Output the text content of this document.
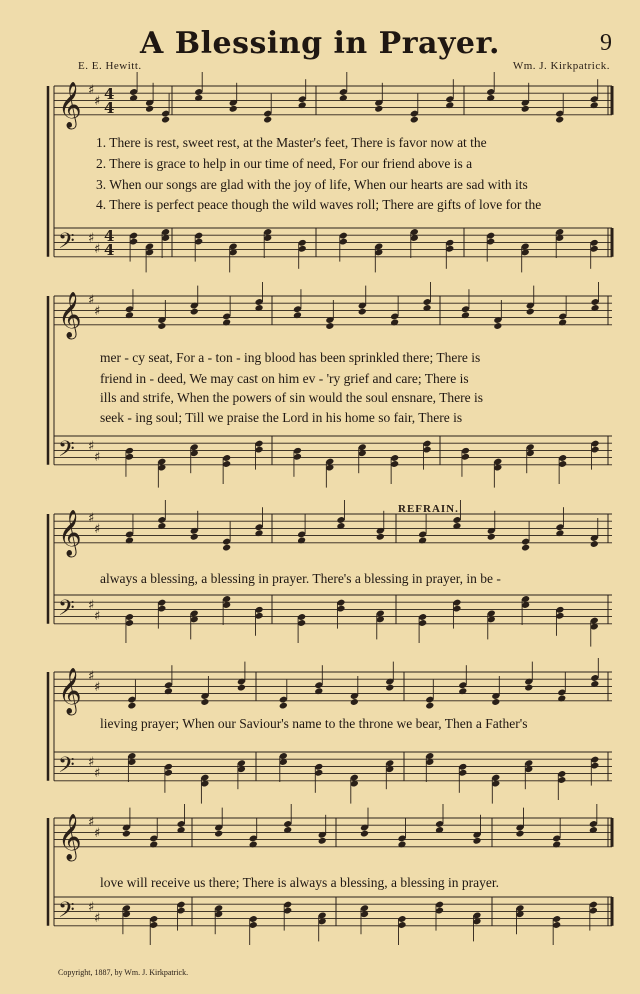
A Blessing in Prayer.	9
E. E. Hewitt.	Wm. J. Kirkpatrick.
𝄞 ♯
♯ 4
4
𝄢 ♯
♯
4
4
𝄞 ♯
♯
𝄢 ♯
♯
𝄞 ♯
♯
𝄢 ♯
♯
𝄞 ♯
♯
𝄢 ♯
♯
𝄞 ♯
♯
𝄢 ♯
♯
1. There is rest, sweet rest, at the Master's feet, There is favor now at the
2. There is grace to help in our time of need, For our friend above is a
3. When our songs are glad with the joy of life, When our hearts are sad with its
4. There is perfect peace though the wild waves roll; There are gifts of love for the
mer - cy seat, For a - ton - ing blood has been sprinkled there; There is
friend in - deed, We may cast on him ev - 'ry grief and care; There is
ills and strife, When the powers of sin would the soul ensnare, There is
seek - ing soul; Till we praise the Lord in his home so fair, There is
REFRAIN.
always a blessing, a blessing in prayer. There's a blessing in prayer, in be -
lieving prayer; When our Saviour's name to the throne we bear, Then a Father's
love will receive us there; There is always a blessing, a blessing in prayer.
Copyright, 1887, by Wm. J. Kirkpatrick.
